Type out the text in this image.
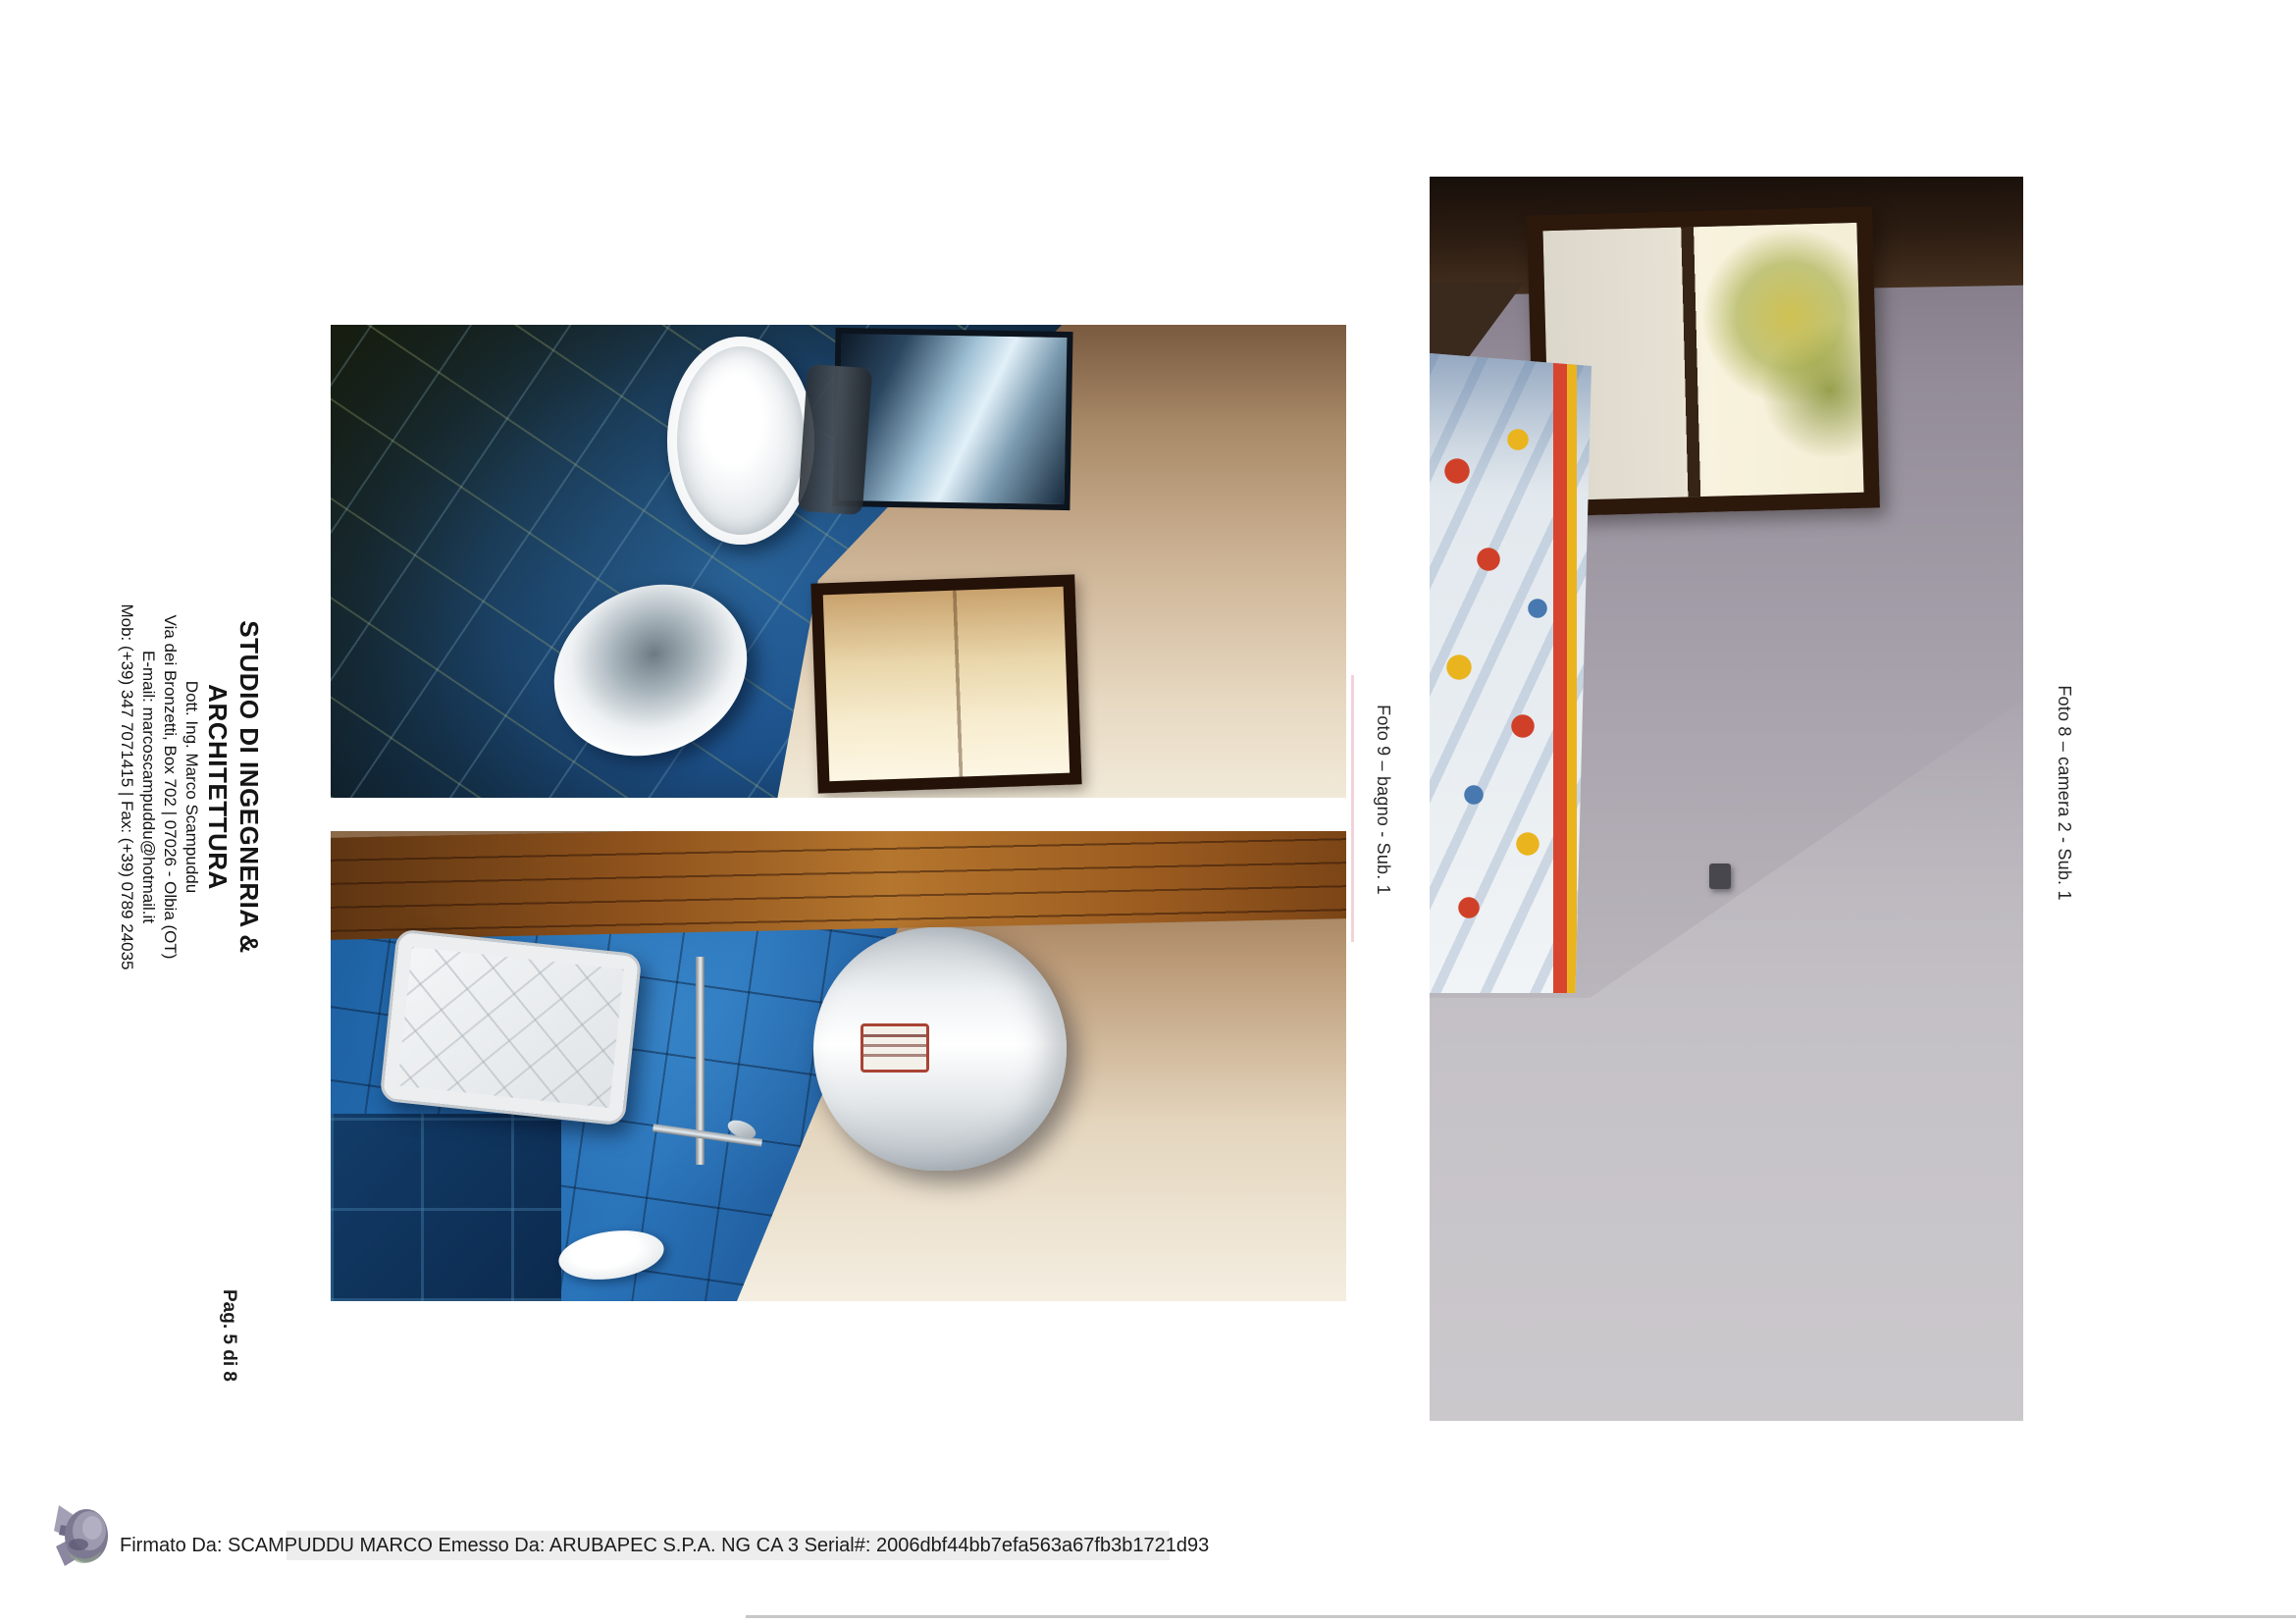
STUDIO DI INGEGNERIA & ARCHITETTURA
Dott. Ing. Marco Scampuddu
Via dei Bronzetti, Box 702 | 07026 - Olbia (OT)
E-mail: marcoscampuddu@hotmail.it
Mob: (+39) 347 7071415 | Fax: (+39) 0789 24035
Pag. 5 di 8
Foto 9 – bagno - Sub. 1	Foto 8 – camera 2 - Sub. 1
Firmato Da: SCAMPUDDU MARCO Emesso Da: ARUBAPEC S.P.A. NG CA 3 Serial#: 2006dbf44bb7efa563a67fb3b1721d93
